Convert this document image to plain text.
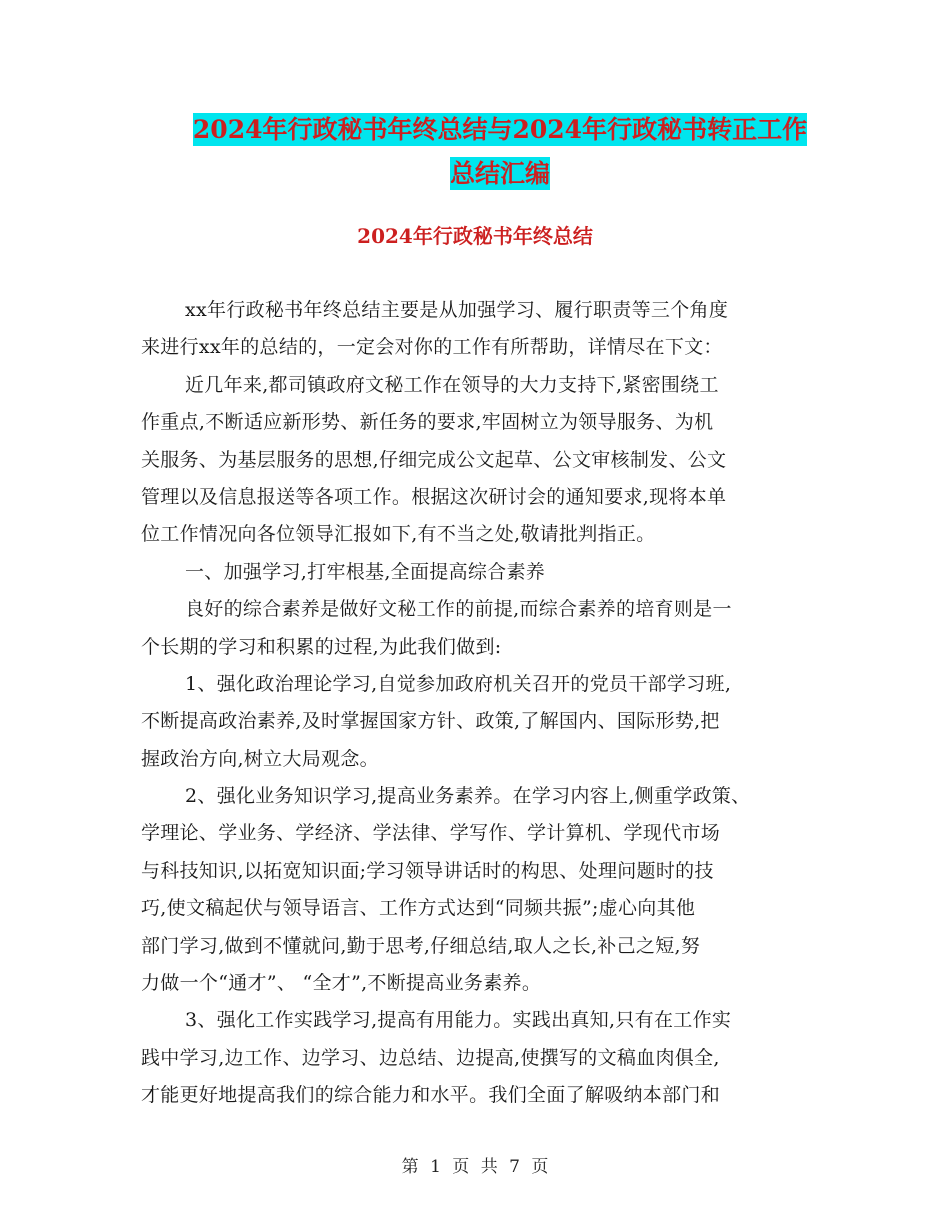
2024年行政秘书年终总结与2024年行政秘书转正工作
总结汇编
2024年行政秘书年终总结
xx年行政秘书年终总结主要是从加强学习、履行职责等三个角度
来进行xx年的总结的，一定会对你的工作有所帮助，详情尽在下文：
近几年来,都司镇政府文秘工作在领导的大力支持下,紧密围绕工
作重点,不断适应新形势、新任务的要求,牢固树立为领导服务、为机
关服务、为基层服务的思想,仔细完成公文起草、公文审核制发、公文
管理以及信息报送等各项工作。根据这次研讨会的通知要求,现将本单
位工作情况向各位领导汇报如下,有不当之处,敬请批判指正。
一、加强学习,打牢根基,全面提高综合素养
良好的综合素养是做好文秘工作的前提,而综合素养的培育则是一
个长期的学习和积累的过程,为此我们做到:
1、强化政治理论学习,自觉参加政府机关召开的党员干部学习班,
不断提高政治素养,及时掌握国家方针、政策,了解国内、国际形势,把
握政治方向,树立大局观念。
2、强化业务知识学习,提高业务素养。在学习内容上,侧重学政策、
学理论、学业务、学经济、学法律、学写作、学计算机、学现代市场
与科技知识,以拓宽知识面;学习领导讲话时的构思、处理问题时的技
巧,使文稿起伏与领导语言、工作方式达到“同频共振”;虚心向其他
部门学习,做到不懂就问,勤于思考,仔细总结,取人之长,补己之短,努
力做一个“通才”、 “全才”,不断提高业务素养。
3、强化工作实践学习,提高有用能力。实践出真知,只有在工作实
践中学习,边工作、边学习、边总结、边提高,使撰写的文稿血肉俱全,
才能更好地提高我们的综合能力和水平。我们全面了解吸纳本部门和
第 1 页 共 7 页
